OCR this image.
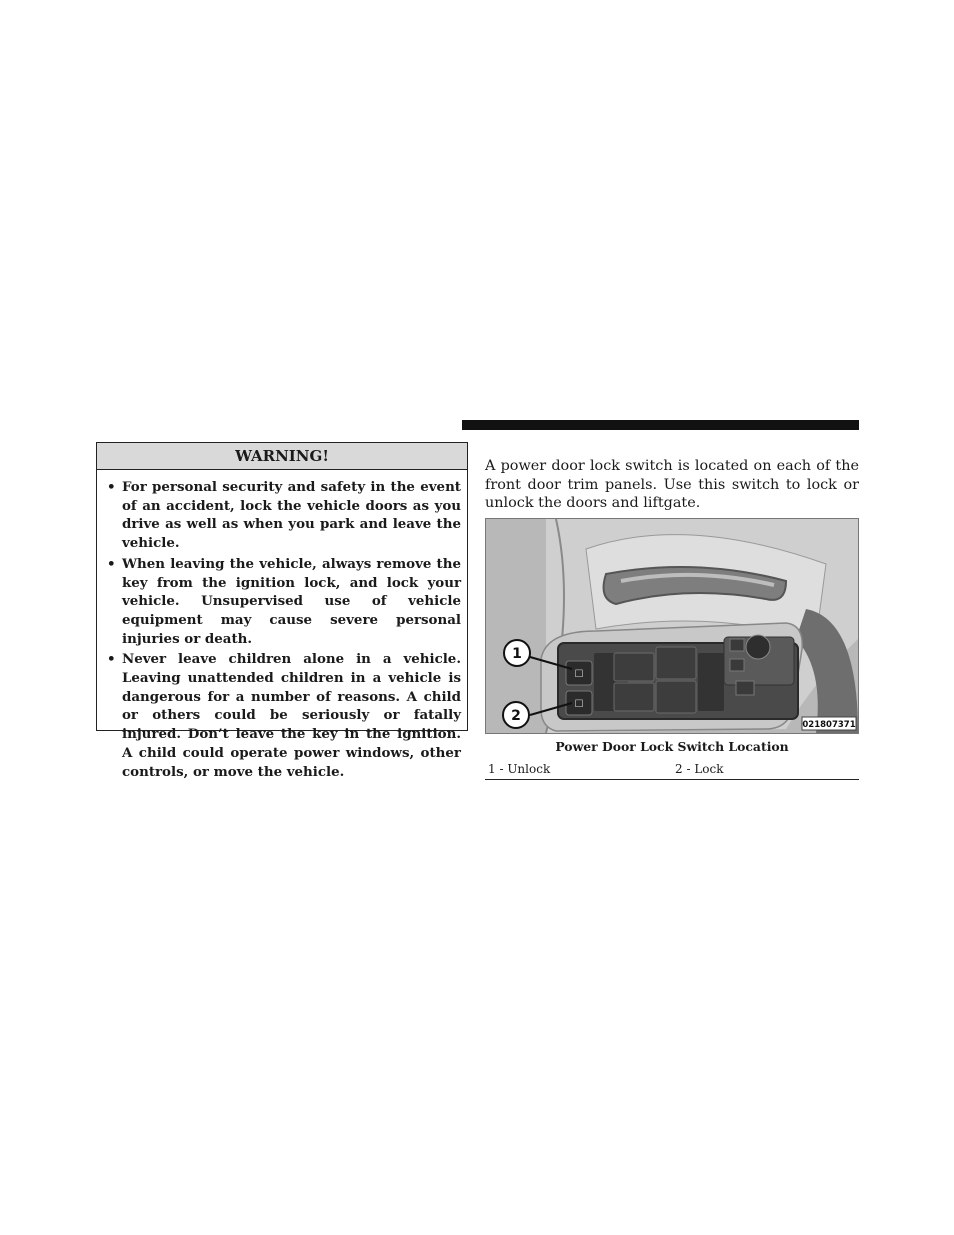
WARNING!
• For personal security and safety in the event of an accident, lock the vehicle doors as you drive as well as when you park and leave the vehicle.
• When leaving the vehicle, always remove the key from the ignition lock, and lock your vehicle. Unsupervised use of vehicle equipment may cause severe personal injuries or death.
• Never leave children alone in a vehicle. Leaving unattended children in a vehicle is dangerous for a number of reasons. A child or others could be seriously or fatally injured. Don’t leave the key in the ignition. A child could operate power windows, other controls, or move the vehicle.

A power door lock switch is located on each of the front door trim panels. Use this switch to lock or unlock the doors and liftgate.

☐
☐
1
2
021807371
Power Door Lock Switch Location
1 - Unlock	2 - Lock
